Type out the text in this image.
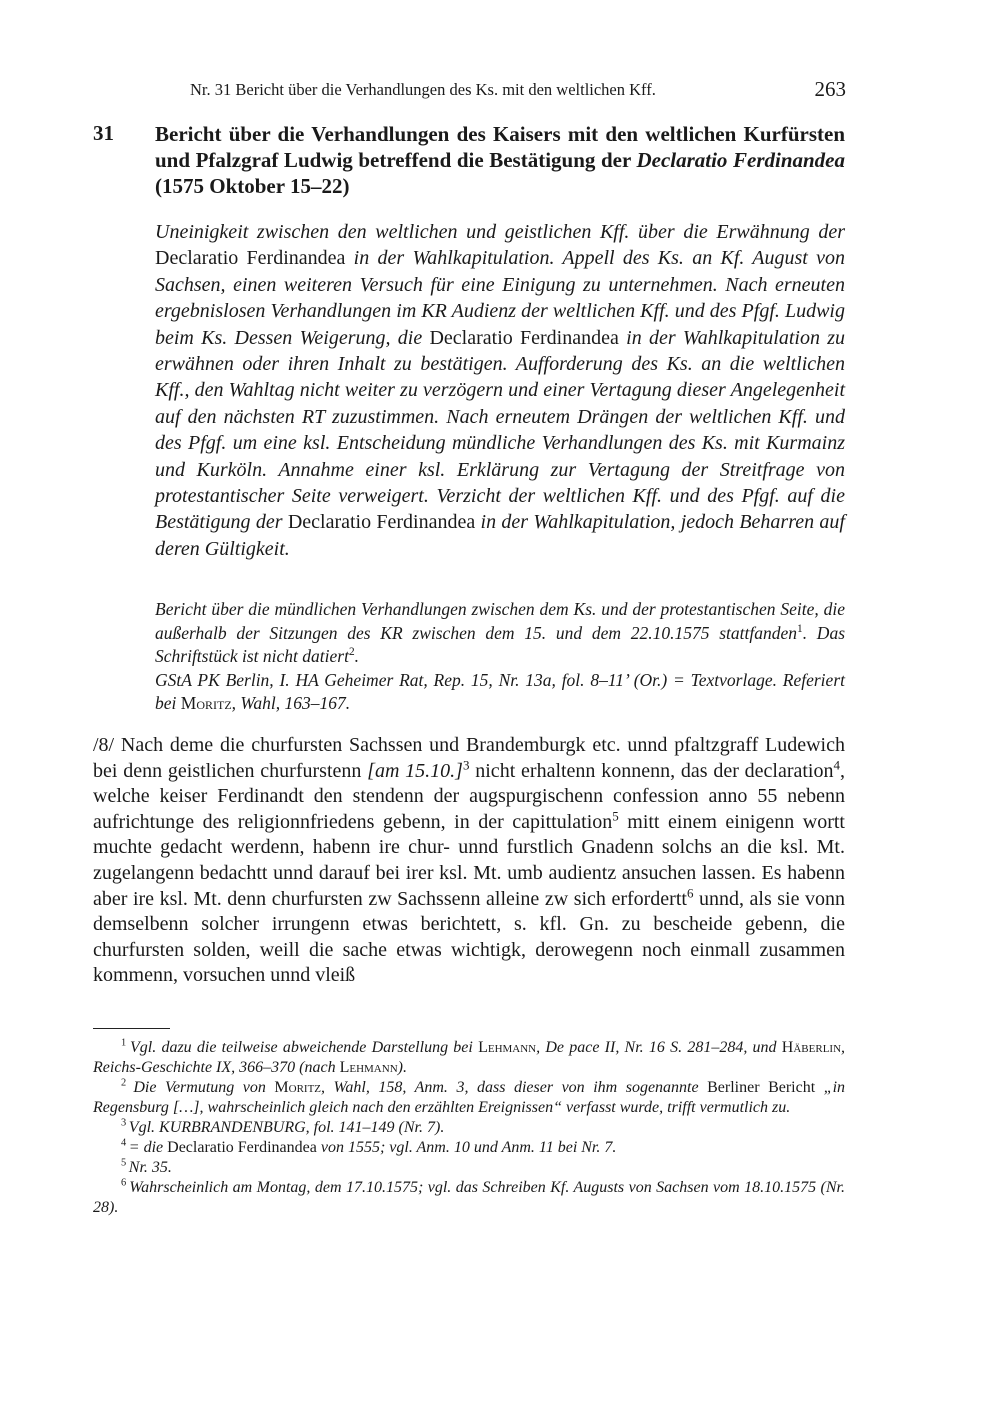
Nr. 31 Bericht über die Verhandlungen des Ks. mit den weltlichen Kff.	263
31 Bericht über die Verhandlungen des Kaisers mit den weltlichen Kurfürsten und Pfalzgraf Ludwig betreffend die Bestätigung der Declaratio Ferdinandea (1575 Oktober 15–22)

Uneinigkeit zwischen den weltlichen und geistlichen Kff. über die Erwähnung der Declaratio Ferdinandea in der Wahlkapitulation. Appell des Ks. an Kf. August von Sachsen, einen weiteren Versuch für eine Einigung zu unternehmen. Nach erneuten ergebnislosen Verhandlungen im KR Audienz der weltlichen Kff. und des Pfgf. Ludwig beim Ks. Dessen Weigerung, die Declaratio Ferdinandea in der Wahlkapitulation zu erwähnen oder ihren Inhalt zu bestätigen. Aufforderung des Ks. an die weltlichen Kff., den Wahltag nicht weiter zu verzögern und einer Vertagung dieser Angelegenheit auf den nächsten RT zuzustimmen. Nach erneutem Drängen der weltlichen Kff. und des Pfgf. um eine ksl. Entscheidung mündliche Verhandlungen des Ks. mit Kurmainz und Kurköln. Annahme einer ksl. Erklärung zur Vertagung der Streitfrage von protestantischer Seite verweigert. Verzicht der weltlichen Kff. und des Pfgf. auf die Bestätigung der Declaratio Ferdinandea in der Wahlkapitulation, jedoch Beharren auf deren Gültigkeit.

Bericht über die mündlichen Verhandlungen zwischen dem Ks. und der protestantischen Seite, die außerhalb der Sitzungen des KR zwischen dem 15. und dem 22.10.1575 stattfanden$^1$. Das Schriftstück ist nicht datiert$^2$.

GStA PK Berlin, I. HA Geheimer Rat, Rep. 15, Nr. 13a, fol. 8–11’ (Or.) = Textvorlage. Referiert bei Moritz, Wahl, 163–167.

/8/ Nach deme die churfursten Sachssen und Brandemburgk etc. unnd pfaltzgraff Ludewich bei denn geistlichen churfurstenn [am 15.10.]$^3$ nicht erhaltenn konnenn, das der declaration$^4$, welche keiser Ferdinandt den stendenn der augspurgischenn confession anno 55 nebenn aufrichtunge des religionnfriedens gebenn, in der capittulation$^5$ mitt einem einigenn wortt muchte gedacht werdenn, habenn ire chur- unnd furstlich Gnadenn solchs an die ksl. Mt. zugelangenn bedachtt unnd darauf bei irer ksl. Mt. umb audientz ansuchen lassen. Es habenn aber ire ksl. Mt. denn churfursten zw Sachssenn alleine zw sich erfordertt$^6$ unnd, als sie vonn demselbenn solcher irrungenn etwas berichtett, s. kfl. Gn. zu bescheide gebenn, die churfursten solden, weill die sache etwas wichtigk, derowegenn noch einmall zusammen kommenn, vorsuchen unnd vleiß

$^1$ Vgl. dazu die teilweise abweichende Darstellung bei Lehmann, De pace II, Nr. 16 S. 281–284, und Häberlin, Reichs-Geschichte IX, 366–370 (nach Lehmann).

$^2$ Die Vermutung von Moritz, Wahl, 158, Anm. 3, dass dieser von ihm sogenannte Berliner Bericht „in Regensburg […], wahrscheinlich gleich nach den erzählten Ereignissen“ verfasst wurde, trifft vermutlich zu.

$^3$ Vgl. KURBRANDENBURG, fol. 141–149 (Nr. 7).

$^4$ = die Declaratio Ferdinandea von 1555; vgl. Anm. 10 und Anm. 11 bei Nr. 7.

$^5$ Nr. 35.

$^6$ Wahrscheinlich am Montag, dem 17.10.1575; vgl. das Schreiben Kf. Augusts von Sachsen vom 18.10.1575 (Nr. 28).
